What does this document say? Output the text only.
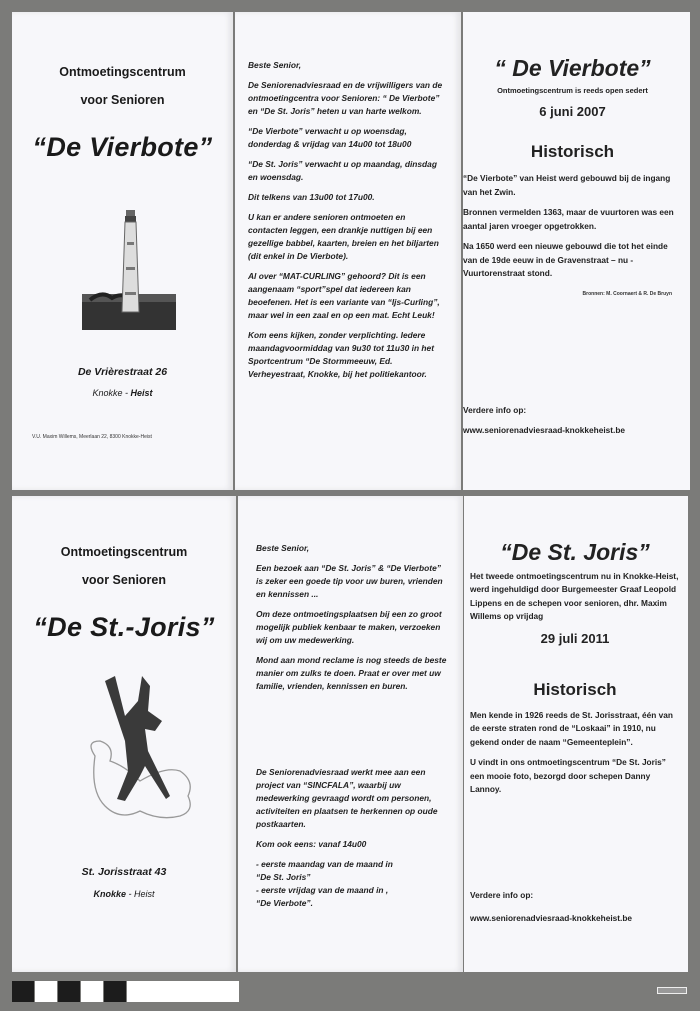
Ontmoetingscentrum
voor Senioren
“De Vierbote”
De Vrièrestraat 26
Knokke - Heist
V.U. Maxim Willems, Meerlaan 22, 8300 Knokke-Heist

Beste Senior,

De Seniorenadviesraad en de vrijwilligers van de ontmoetingcentra voor Senioren: “ De Vierbote” en “De St. Joris” heten u van harte welkom.

“De Vierbote” verwacht u op woensdag, donderdag & vrijdag van 14u00 tot 18u00

“De St. Joris” verwacht u op maandag, dinsdag en woensdag.

Dit telkens van 13u00 tot 17u00.

U kan er andere senioren ontmoeten en contacten leggen, een drankje nuttigen bij een gezellige babbel, kaarten, breien en het biljarten (dit enkel in De Vierbote).

Al over “MAT-CURLING” gehoord? Dit is een aangenaam “sport”spel dat iedereen kan beoefenen. Het is een variante van “Ijs-Curling”, maar wel in een zaal en op een mat. Echt Leuk!

Kom eens kijken, zonder verplichting. Iedere maandagvoormiddag van 9u30 tot 11u30 in het Sportcentrum “De Stormmeeuw, Ed. Verheyestraat, Knokke, bij het politiekantoor.

“ De Vierbote”
Ontmoetingscentrum is reeds open sedert
6 juni 2007
Historisch

“De Vierbote” van Heist werd gebouwd bij de ingang van het Zwin.

Bronnen vermelden 1363, maar de vuurtoren was een aantal jaren vroeger opgetrokken.

Na 1650 werd een nieuwe gebouwd die tot het einde van de 19de eeuw in de Gravenstraat – nu - Vuurtorenstraat stond.

Bronnen: M. Coornaert & R. De Bruyn

Verdere info op:

www.seniorenadviesraad-knokkeheist.be

Ontmoetingscentrum
voor Senioren
“De St.-Joris”
St. Jorisstraat 43
Knokke - Heist

Beste Senior,

Een bezoek aan “De St. Joris” & “De Vierbote” is zeker een goede tip voor uw buren, vrienden en kennissen ...

Om deze ontmoetingsplaatsen bij een zo groot mogelijk publiek kenbaar te maken, verzoeken wij om uw medewerking.

Mond aan mond reclame is nog steeds de beste manier om zulks te doen. Praat er over met uw familie, vrienden, kennissen en buren.

De Seniorenadviesraad werkt mee aan een project van “SINCFALA”, waarbij uw medewerking gevraagd wordt om personen, activiteiten en plaatsen te herkennen op oude postkaarten.

Kom ook eens: vanaf 14u00

- eerste maandag van de maand in
“De St. Joris”
- eerste vrijdag van de maand in ,
“De Vierbote”.
“De St. Joris”

Het tweede ontmoetingscentrum nu in Knokke-Heist, werd ingehuldigd door Burgemeester Graaf Leopold Lippens en de schepen voor senioren, dhr. Maxim Willems op vrijdag

29 juli 2011
Historisch

Men kende in 1926 reeds de St. Jorisstraat, één van de eerste straten rond de “Loskaai” in 1910, nu gekend onder de naam “Gemeenteplein”.

U vindt in ons ontmoetingscentrum “De St. Joris” een mooie foto, bezorgd door schepen Danny Lannoy.

Verdere info op:

www.seniorenadviesraad-knokkeheist.be
